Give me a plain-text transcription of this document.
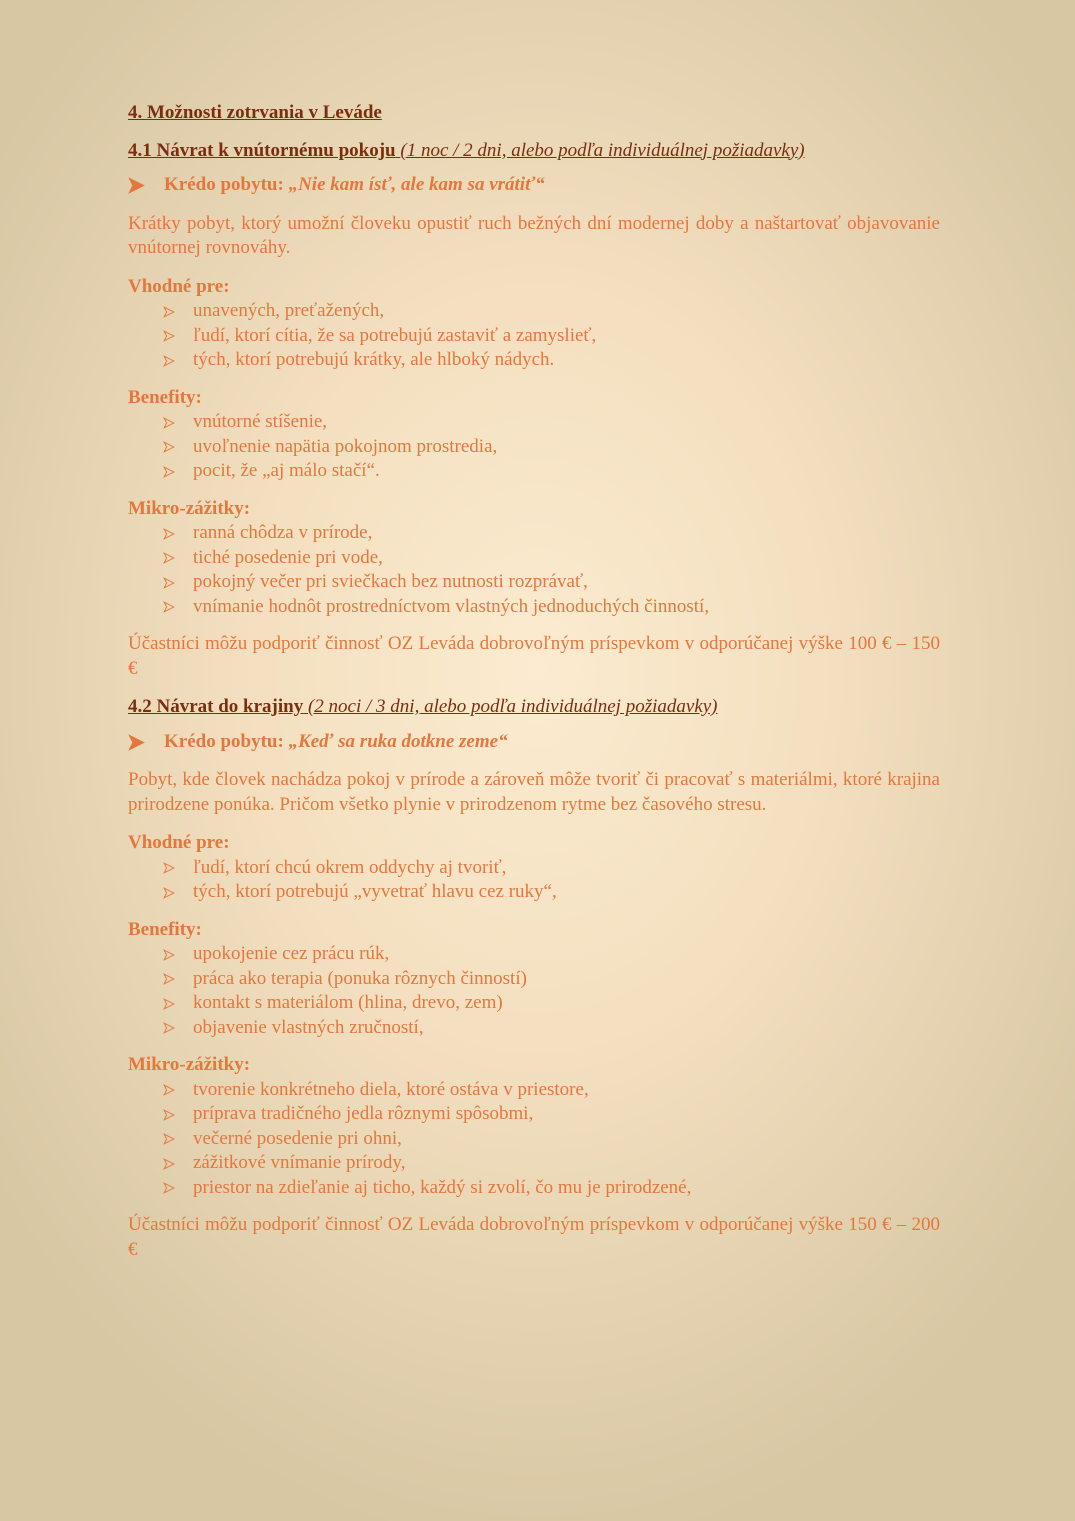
4. Možnosti zotrvania v Leváde
4.1 Návrat k vnútornému pokoju (1 noc / 2 dni, alebo podľa individuálnej požiadavky)
Krédo pobytu: „Nie kam ísť, ale kam sa vrátiť“
Krátky pobyt, ktorý umožní človeku opustiť ruch bežných dní modernej doby a naštartovať objavovanie vnútornej rovnováhy.
Vhodné pre:
unavených, preťažených,
ľudí, ktorí cítia, že sa potrebujú zastaviť a zamyslieť,
tých, ktorí potrebujú krátky, ale hlboký nádych.
Benefity:
vnútorné stíšenie,
uvoľnenie napätia pokojnom prostredia,
pocit, že „aj málo stačí“.
Mikro-zážitky:
ranná chôdza v prírode,
tiché posedenie pri vode,
pokojný večer pri sviečkach bez nutnosti rozprávať,
vnímanie hodnôt prostredníctvom vlastných jednoduchých činností,
Účastníci môžu podporiť činnosť OZ Leváda dobrovoľným príspevkom v odporúčanej výške 100 € – 150 €
4.2 Návrat do krajiny (2 noci / 3 dni, alebo podľa individuálnej požiadavky)
Krédo pobytu: „Keď sa ruka dotkne zeme“
Pobyt, kde človek nachádza pokoj v prírode a zároveň môže tvoriť či pracovať s materiálmi, ktoré krajina prirodzene ponúka. Pričom všetko plynie v prirodzenom rytme bez časového stresu.
Vhodné pre:
ľudí, ktorí chcú okrem oddychy aj tvoriť,
tých, ktorí potrebujú „vyvetrať hlavu cez ruky“,
Benefity:
upokojenie cez prácu rúk,
práca ako terapia (ponuka rôznych činností)
kontakt s materiálom (hlina, drevo, zem)
objavenie vlastných zručností,
Mikro-zážitky:
tvorenie konkrétneho diela, ktoré ostáva v priestore,
príprava tradičného jedla rôznymi spôsobmi,
večerné posedenie pri ohni,
zážitkové vnímanie prírody,
priestor na zdieľanie aj ticho, každý si zvolí, čo mu je prirodzené,
Účastníci môžu podporiť činnosť OZ Leváda dobrovoľným príspevkom v odporúčanej výške 150 € – 200 €
